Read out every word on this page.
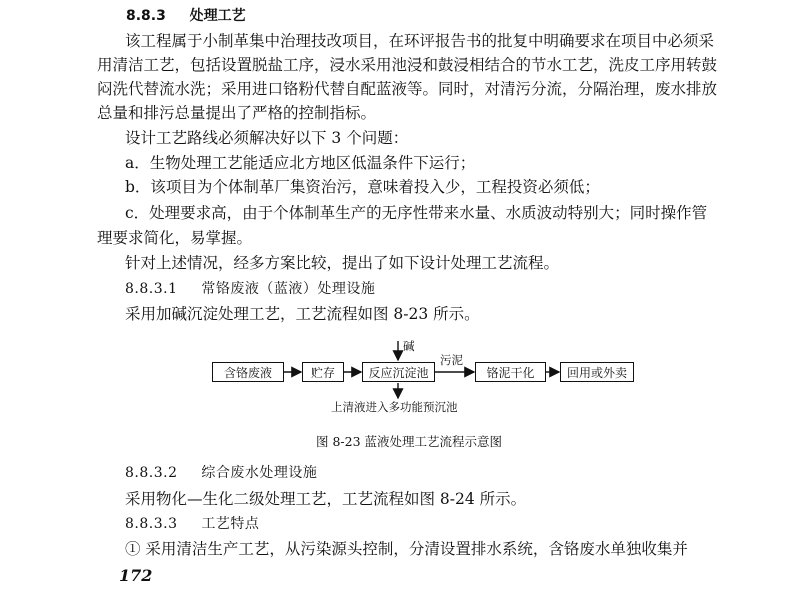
8.8.3 处理工艺
该工程属于小制革集中治理技改项目，在环评报告书的批复中明确要求在项目中必须采
用清洁工艺，包括设置脱盐工序，浸水采用池浸和鼓浸相结合的节水工艺，洗皮工序用转鼓
闷洗代替流水洗；采用进口铬粉代替自配蓝液等。同时，对清污分流，分隔治理，废水排放
总量和排污总量提出了严格的控制指标。
设计工艺路线必须解决好以下 3 个问题：
a．生物处理工艺能适应北方地区低温条件下运行；
b．该项目为个体制革厂集资治污，意味着投入少，工程投资必须低；
c．处理要求高，由于个体制革生产的无序性带来水量、水质波动特别大；同时操作管
理要求简化，易掌握。
针对上述情况，经多方案比较，提出了如下设计处理工艺流程。
8.8.3.1 常铬废液（蓝液）处理设施
采用加碱沉淀处理工艺，工艺流程如图 8-23 所示。
含铬废液	贮存	反应沉淀池	铬泥干化	回用或外卖
碱
污泥
上清液进入多功能预沉池
图 8-23 蓝液处理工艺流程示意图
8.8.3.2 综合废水处理设施
采用物化—生化二级处理工艺，工艺流程如图 8-24 所示。
8.8.3.3 工艺特点
① 采用清洁生产工艺，从污染源头控制，分清设置排水系统，含铬废水单独收集并
172
